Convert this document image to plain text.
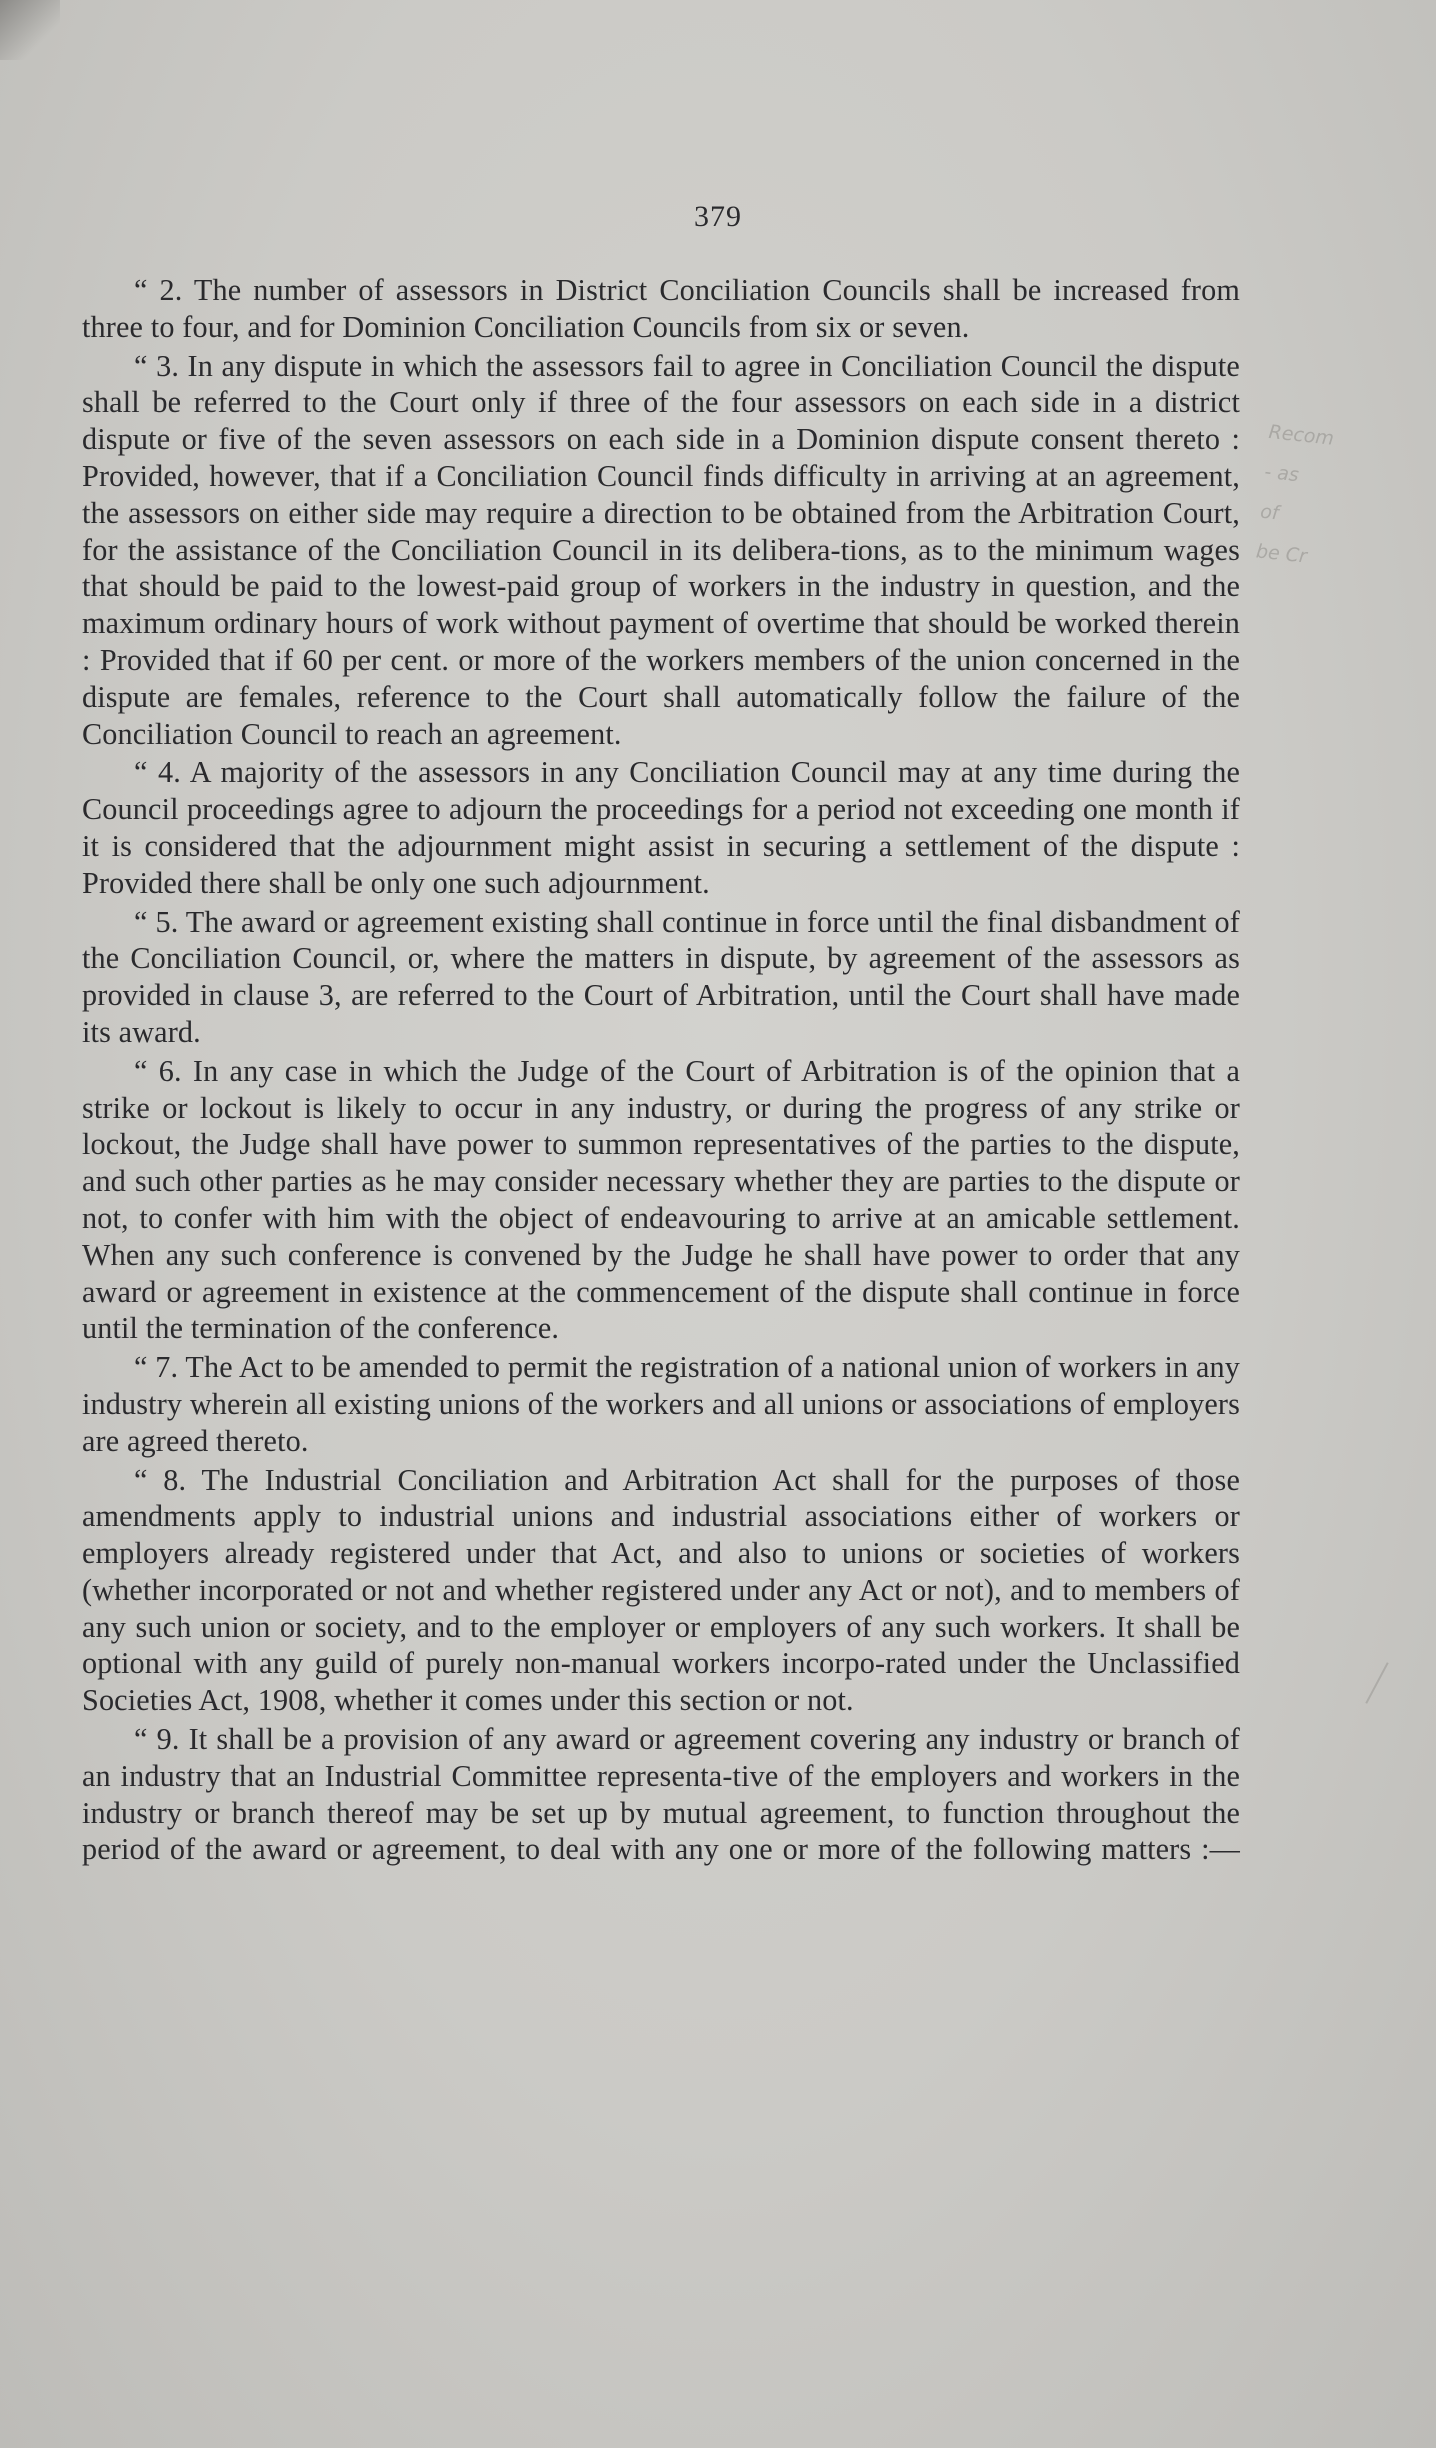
379

“ 2. The number of assessors in District Conciliation Councils shall be increased from three to four, and for Dominion Conciliation Councils from six or seven.

“ 3. In any dispute in which the assessors fail to agree in Conciliation Council the dispute shall be referred to the Court only if three of the four assessors on each side in a district dispute or five of the seven assessors on each side in a Dominion dispute consent thereto : Provided, however, that if a Conciliation Council finds difficulty in arriving at an agreement, the assessors on either side may require a direction to be obtained from the Arbitration Court, for the assistance of the Conciliation Council in its delibera-tions, as to the minimum wages that should be paid to the lowest-paid group of workers in the industry in question, and the maximum ordinary hours of work without payment of overtime that should be worked therein : Provided that if 60 per cent. or more of the workers members of the union concerned in the dispute are females, reference to the Court shall automatically follow the failure of the Conciliation Council to reach an agreement.

“ 4. A majority of the assessors in any Conciliation Council may at any time during the Council proceedings agree to adjourn the proceedings for a period not exceeding one month if it is considered that the adjournment might assist in securing a settlement of the dispute : Provided there shall be only one such adjournment.

“ 5. The award or agreement existing shall continue in force until the final disbandment of the Conciliation Council, or, where the matters in dispute, by agreement of the assessors as provided in clause 3, are referred to the Court of Arbitration, until the Court shall have made its award.

“ 6. In any case in which the Judge of the Court of Arbitration is of the opinion that a strike or lockout is likely to occur in any industry, or during the progress of any strike or lockout, the Judge shall have power to summon representatives of the parties to the dispute, and such other parties as he may consider necessary whether they are parties to the dispute or not, to confer with him with the object of endeavouring to arrive at an amicable settlement. When any such conference is convened by the Judge he shall have power to order that any award or agreement in existence at the commencement of the dispute shall continue in force until the termination of the conference.

“ 7. The Act to be amended to permit the registration of a national union of workers in any industry wherein all existing unions of the workers and all unions or associations of employers are agreed thereto.

“ 8. The Industrial Conciliation and Arbitration Act shall for the purposes of those amendments apply to industrial unions and industrial associations either of workers or employers already registered under that Act, and also to unions or societies of workers (whether incorporated or not and whether registered under any Act or not), and to members of any such union or society, and to the employer or employers of any such workers. It shall be optional with any guild of purely non-manual workers incorpo-rated under the Unclassified Societies Act, 1908, whether it comes under this section or not.

“ 9. It shall be a provision of any award or agreement covering any industry or branch of an industry that an Industrial Committee representa-tive of the employers and workers in the industry or branch thereof may be set up by mutual agreement, to function throughout the period of the award or agreement, to deal with any one or more of the following matters :—

Recom
- as
of
be Cr
